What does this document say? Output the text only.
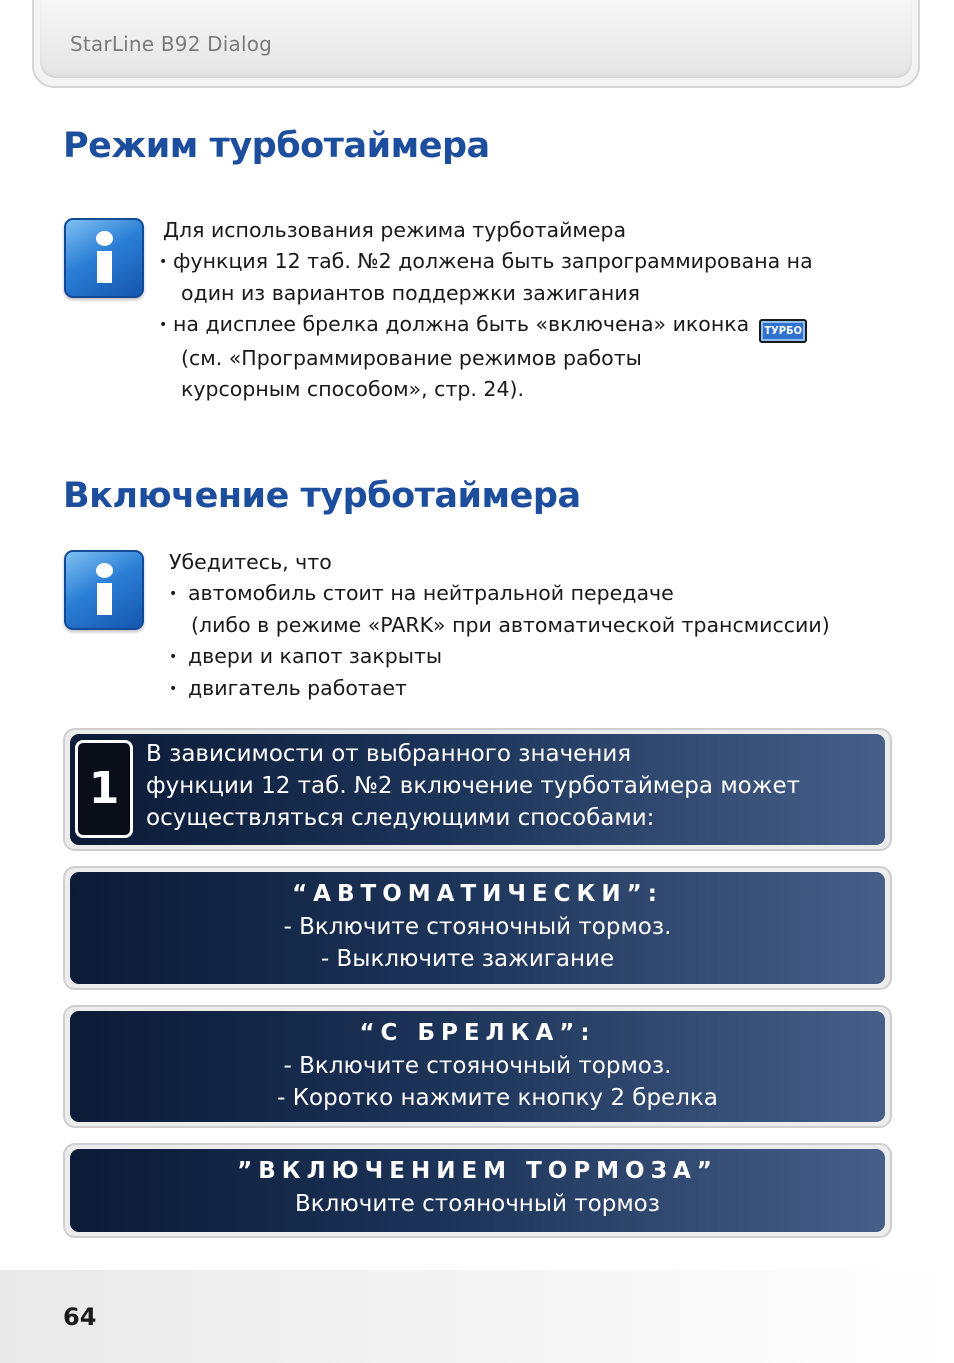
StarLine B92 Dialog
Режим турботаймера
Для использования режима турботаймера
• функция 12 таб. №2 должена быть запрограммирована на
один из вариантов поддержки зажигания
• на дисплее брелка должна быть «включена» иконка ТУРБО
(см. «Программирование режимов работы
курсорным способом», стр. 24).
Включение турботаймера
Убедитесь, что
• автомобиль стоит на нейтральной передаче
(либо в режиме «PARK» при автоматической трансмиссии)
• двери и капот закрыты
• двигатель работает
1
В зависимости от выбранного значения
функции 12 таб. №2 включение турботаймера может
осуществляться следующими способами:
“АВТОМАТИЧЕСКИ”:
- Включите стояночный тормоз.
- Выключите зажигание
“С БРЕЛКА”:
- Включите стояночный тормоз.
- Коротко нажмите кнопку 2 брелка
”ВКЛЮЧЕНИЕМ ТОРМОЗА”
Включите стояночный тормоз
64
